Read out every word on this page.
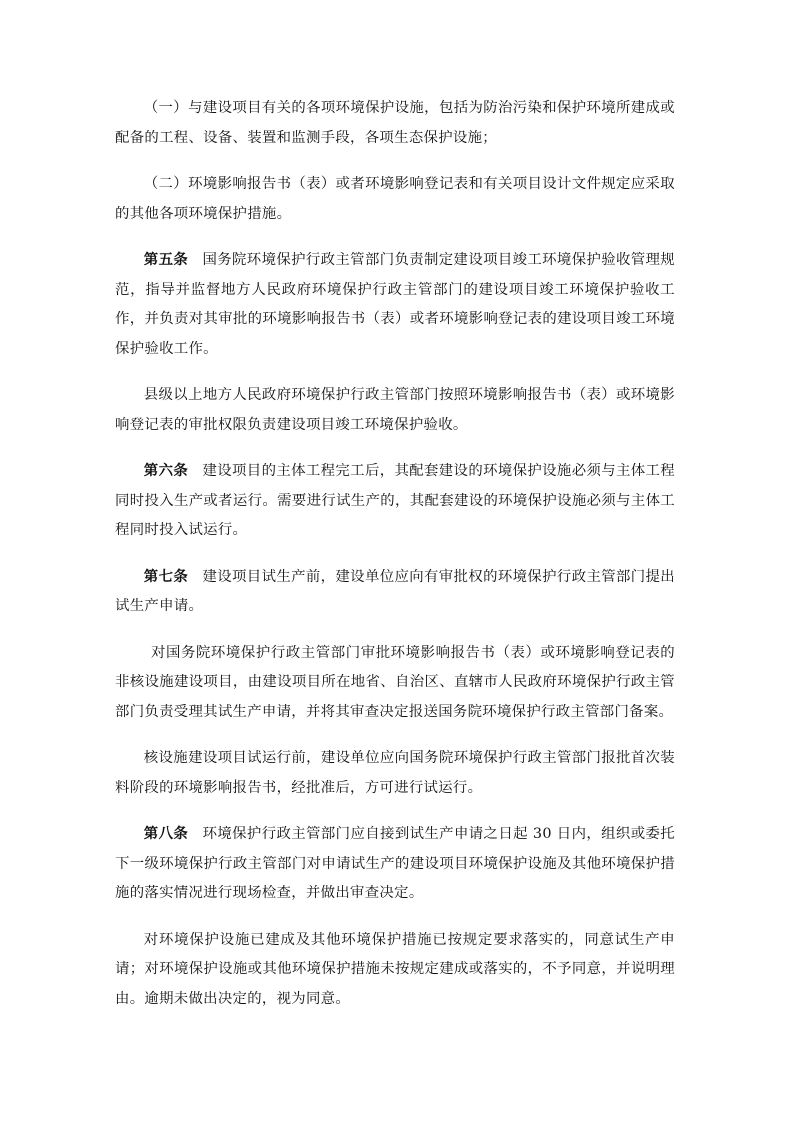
（一）与建设项目有关的各项环境保护设施，包括为防治污染和保护环境所建成或配备的工程、设备、装置和监测手段，各项生态保护设施；

（二）环境影响报告书（表）或者环境影响登记表和有关项目设计文件规定应采取的其他各项环境保护措施。

第五条 国务院环境保护行政主管部门负责制定建设项目竣工环境保护验收管理规范，指导并监督地方人民政府环境保护行政主管部门的建设项目竣工环境保护验收工作，并负责对其审批的环境影响报告书（表）或者环境影响登记表的建设项目竣工环境保护验收工作。

县级以上地方人民政府环境保护行政主管部门按照环境影响报告书（表）或环境影响登记表的审批权限负责建设项目竣工环境保护验收。

第六条 建设项目的主体工程完工后，其配套建设的环境保护设施必须与主体工程同时投入生产或者运行。需要进行试生产的，其配套建设的环境保护设施必须与主体工程同时投入试运行。

第七条 建设项目试生产前，建设单位应向有审批权的环境保护行政主管部门提出试生产申请。

对国务院环境保护行政主管部门审批环境影响报告书（表）或环境影响登记表的非核设施建设项目，由建设项目所在地省、自治区、直辖市人民政府环境保护行政主管部门负责受理其试生产申请，并将其审查决定报送国务院环境保护行政主管部门备案。

核设施建设项目试运行前，建设单位应向国务院环境保护行政主管部门报批首次装料阶段的环境影响报告书，经批准后，方可进行试运行。

第八条 环境保护行政主管部门应自接到试生产申请之日起 30 日内，组织或委托下一级环境保护行政主管部门对申请试生产的建设项目环境保护设施及其他环境保护措施的落实情况进行现场检查，并做出审查决定。

对环境保护设施已建成及其他环境保护措施已按规定要求落实的，同意试生产申请；对环境保护设施或其他环境保护措施未按规定建成或落实的，不予同意，并说明理由。逾期未做出决定的，视为同意。
